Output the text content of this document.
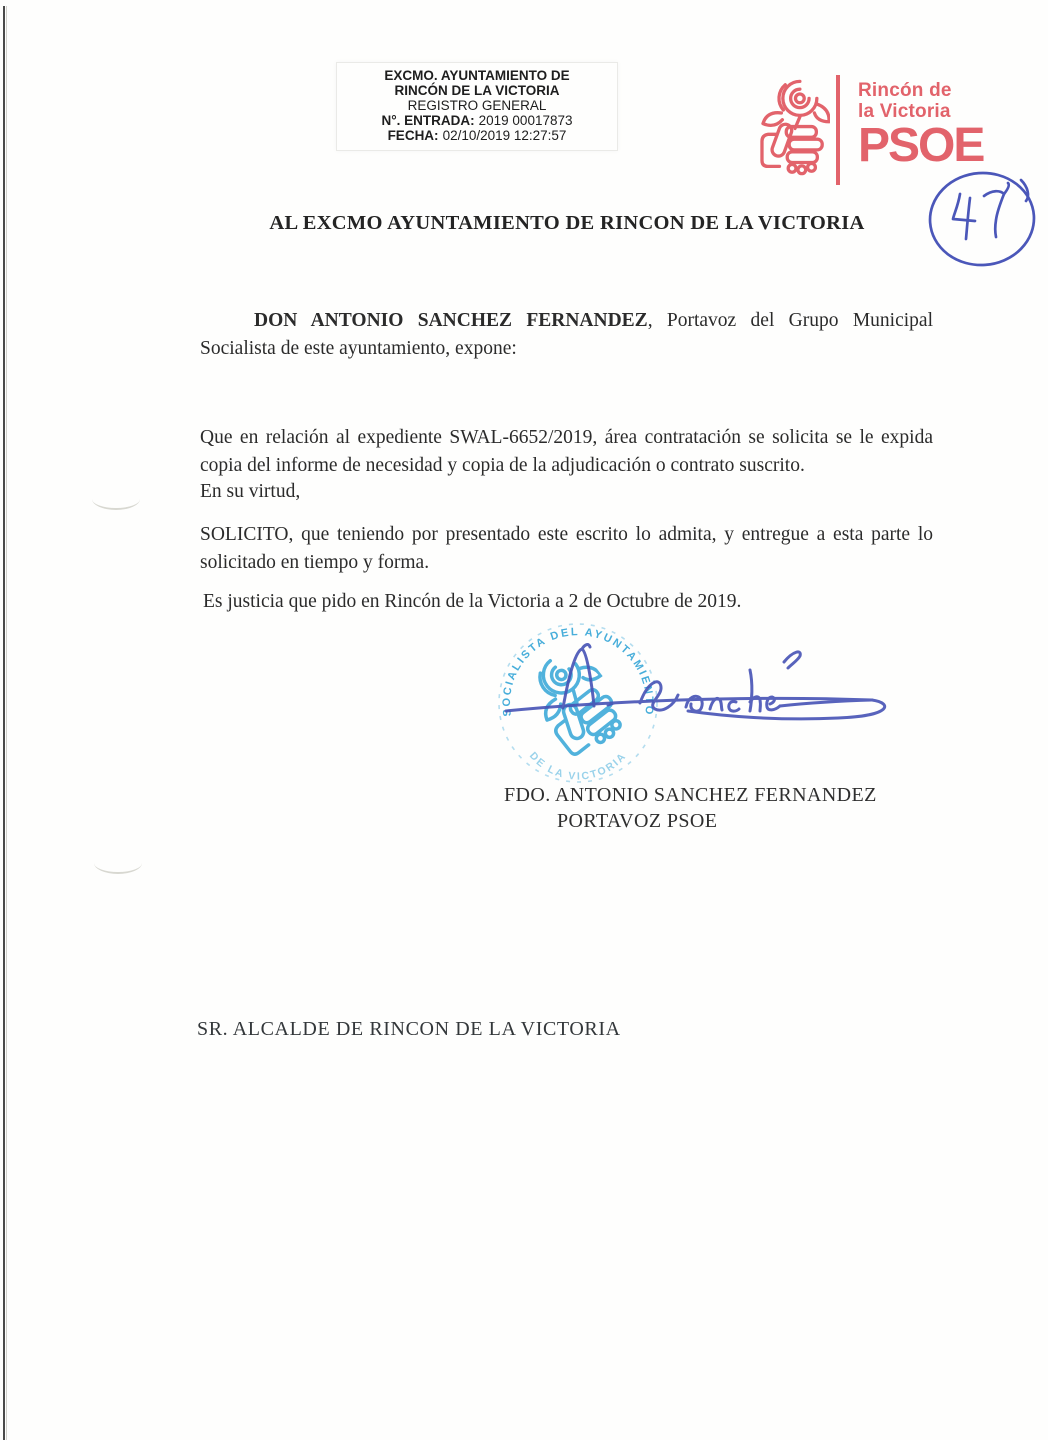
EXCMO. AYUNTAMIENTO DE
RINCÓN DE LA VICTORIA
REGISTRO GENERAL
N°. ENTRADA: 2019 00017873
FECHA: 02/10/2019 12:27:57
Rincón de
la Victoria
PSOE
AL EXCMO AYUNTAMIENTO DE RINCON DE LA VICTORIA
DON ANTONIO SANCHEZ FERNANDEZ, Portavoz del Grupo Municipal Socialista de este ayuntamiento, expone:
Que en relación al expediente SWAL-6652/2019, área contratación se solicita se le expida copia del informe de necesidad y copia de la adjudicación o contrato suscrito.
En su virtud,
SOLICITO, que teniendo por presentado este escrito lo admita, y entregue a esta parte lo solicitado en tiempo y forma.
Es justicia que pido en Rincón de la Victoria a 2 de Octubre de 2019.
SOCIALISTA DEL AYUNTAMIENTO
DE LA VICTORIA
FDO. ANTONIO SANCHEZ FERNANDEZ
PORTAVOZ PSOE
SR. ALCALDE DE RINCON DE LA VICTORIA
